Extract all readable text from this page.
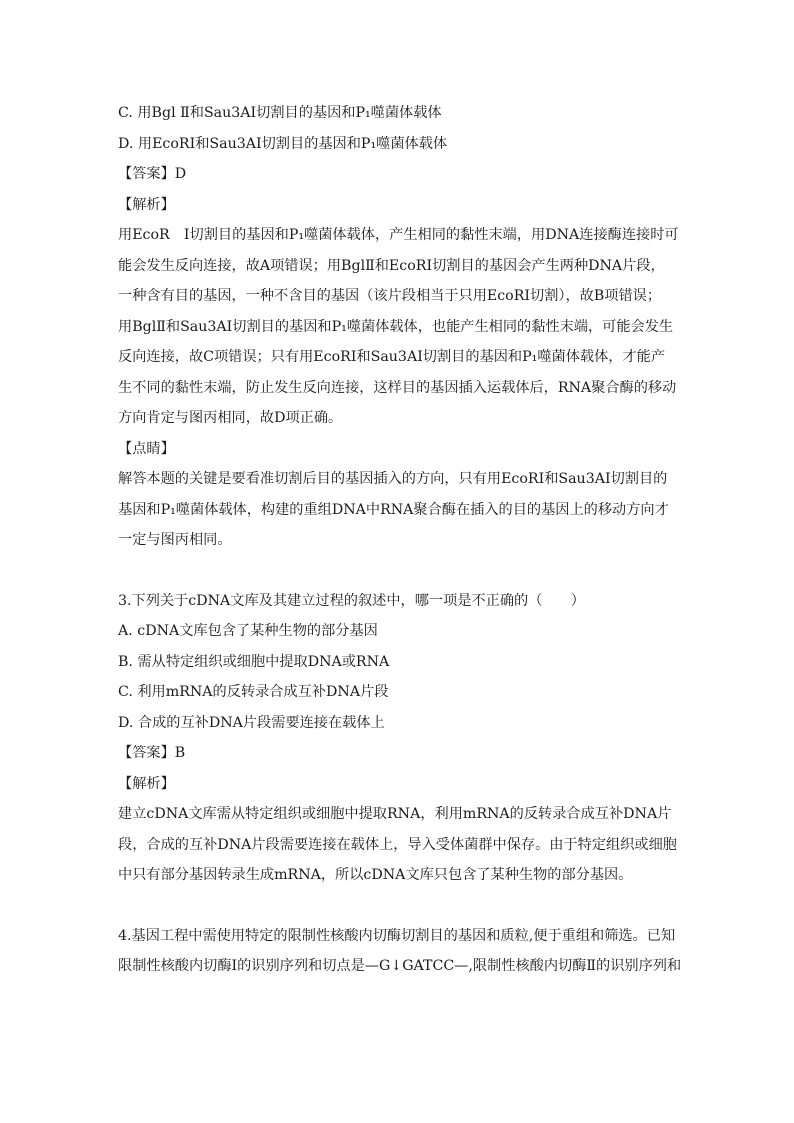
C. 用Bgl Ⅱ和Sau3AⅠ切割目的基因和P₁噬菌体载体
D. 用EcoRⅠ和Sau3AⅠ切割目的基因和P₁噬菌体载体
【答案】D
【解析】
用EcoR　Ⅰ切割目的基因和P₁噬菌体载体，产生相同的黏性末端，用DNA连接酶连接时可
能会发生反向连接，故A项错误；用BglⅡ和EcoRⅠ切割目的基因会产生两种DNA片段，
一种含有目的基因，一种不含目的基因（该片段相当于只用EcoRⅠ切割），故B项错误；
用BglⅡ和Sau3AⅠ切割目的基因和P₁噬菌体载体，也能产生相同的黏性末端，可能会发生
反向连接，故C项错误；只有用EcoRⅠ和Sau3AⅠ切割目的基因和P₁噬菌体载体，才能产
生不同的黏性末端，防止发生反向连接，这样目的基因插入运载体后，RNA聚合酶的移动
方向肯定与图丙相同，故D项正确。
【点睛】
解答本题的关键是要看准切割后目的基因插入的方向，只有用EcoRⅠ和Sau3AⅠ切割目的
基因和P₁噬菌体载体，构建的重组DNA中RNA聚合酶在插入的目的基因上的移动方向才
一定与图丙相同。
3.下列关于cDNA文库及其建立过程的叙述中，哪一项是不正确的（　　）
A. cDNA文库包含了某种生物的部分基因
B. 需从特定组织或细胞中提取DNA或RNA
C. 利用mRNA的反转录合成互补DNA片段
D. 合成的互补DNA片段需要连接在载体上
【答案】B
【解析】
建立cDNA文库需从特定组织或细胞中提取RNA，利用mRNA的反转录合成互补DNA片
段，合成的互补DNA片段需要连接在载体上，导入受体菌群中保存。由于特定组织或细胞
中只有部分基因转录生成mRNA，所以cDNA文库只包含了某种生物的部分基因。
4.基因工程中需使用特定的限制性核酸内切酶切割目的基因和质粒,便于重组和筛选。已知
限制性核酸内切酶Ⅰ的识别序列和切点是—G↓GATCC—,限制性核酸内切酶Ⅱ的识别序列和
